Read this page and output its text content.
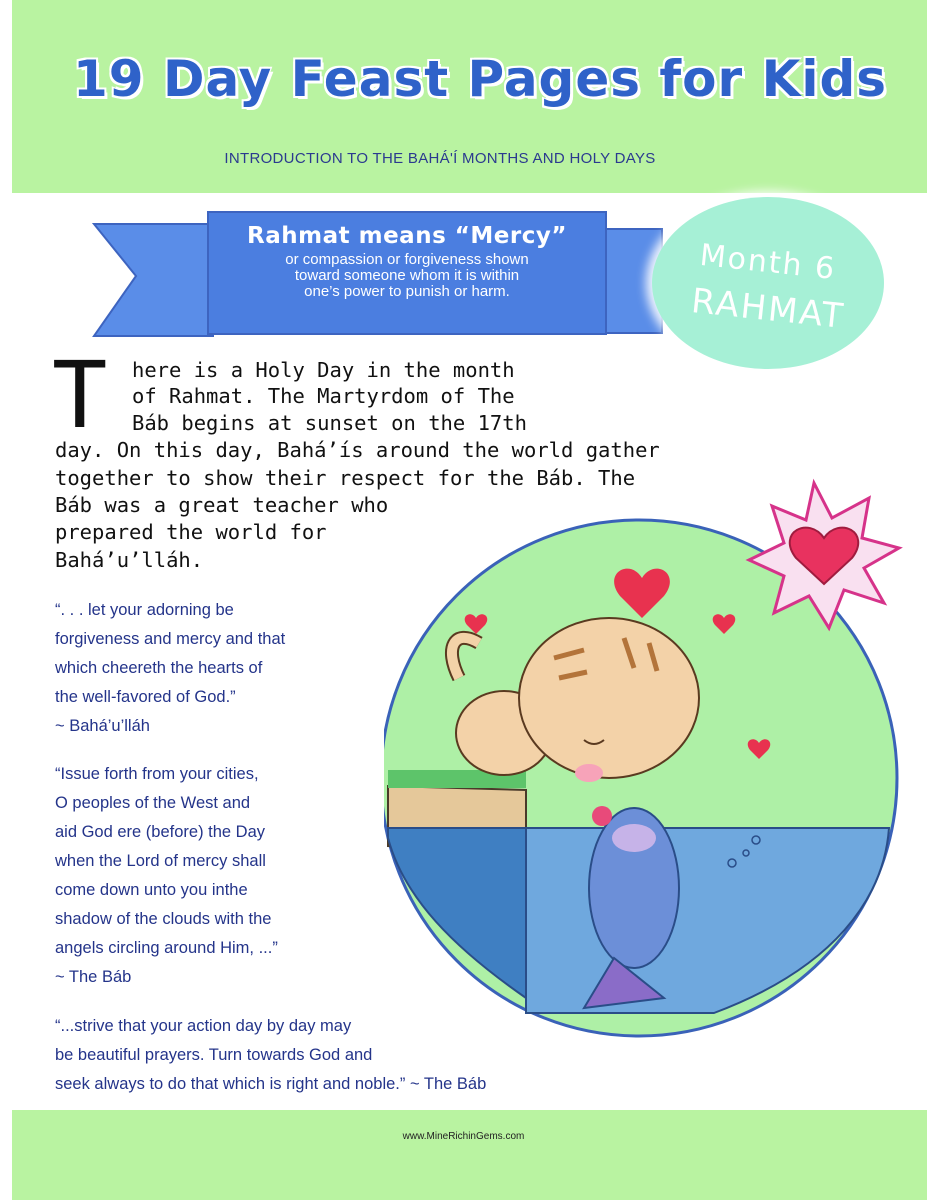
19 Day Feast Pages for Kids
INTRODUCTION TO THE BAHÁ'Í MONTHS AND HOLY DAYS
Rahmat means “Mercy”
or compassion or forgiveness shown
toward someone whom it is within
one’s power to punish or harm.
Month 6
RAHMAT
T here is a Holy Day in the month
of Rahmat. The Martyrdom of The
Báb begins at sunset on the 17th
day. On this day, Bahá’ís around the world gather
together to show their respect for the Báb. The
Báb was a great teacher who
prepared the world for
Bahá’u’lláh.
“. . . let your adorning be
forgiveness and mercy and that
which cheereth the hearts of
the well-favored of God.”
~ Bahá’u’lláh
“Issue forth from your cities,
O peoples of the West and
aid God ere (before) the Day
when the Lord of mercy shall
come down unto you inthe
shadow of the clouds with the
angels circling around Him, ...”
~ The Báb
“...strive that your action day by day may
be beautiful prayers. Turn towards God and
seek always to do that which is right and noble.” ~ The Báb
www.MineRichinGems.com
